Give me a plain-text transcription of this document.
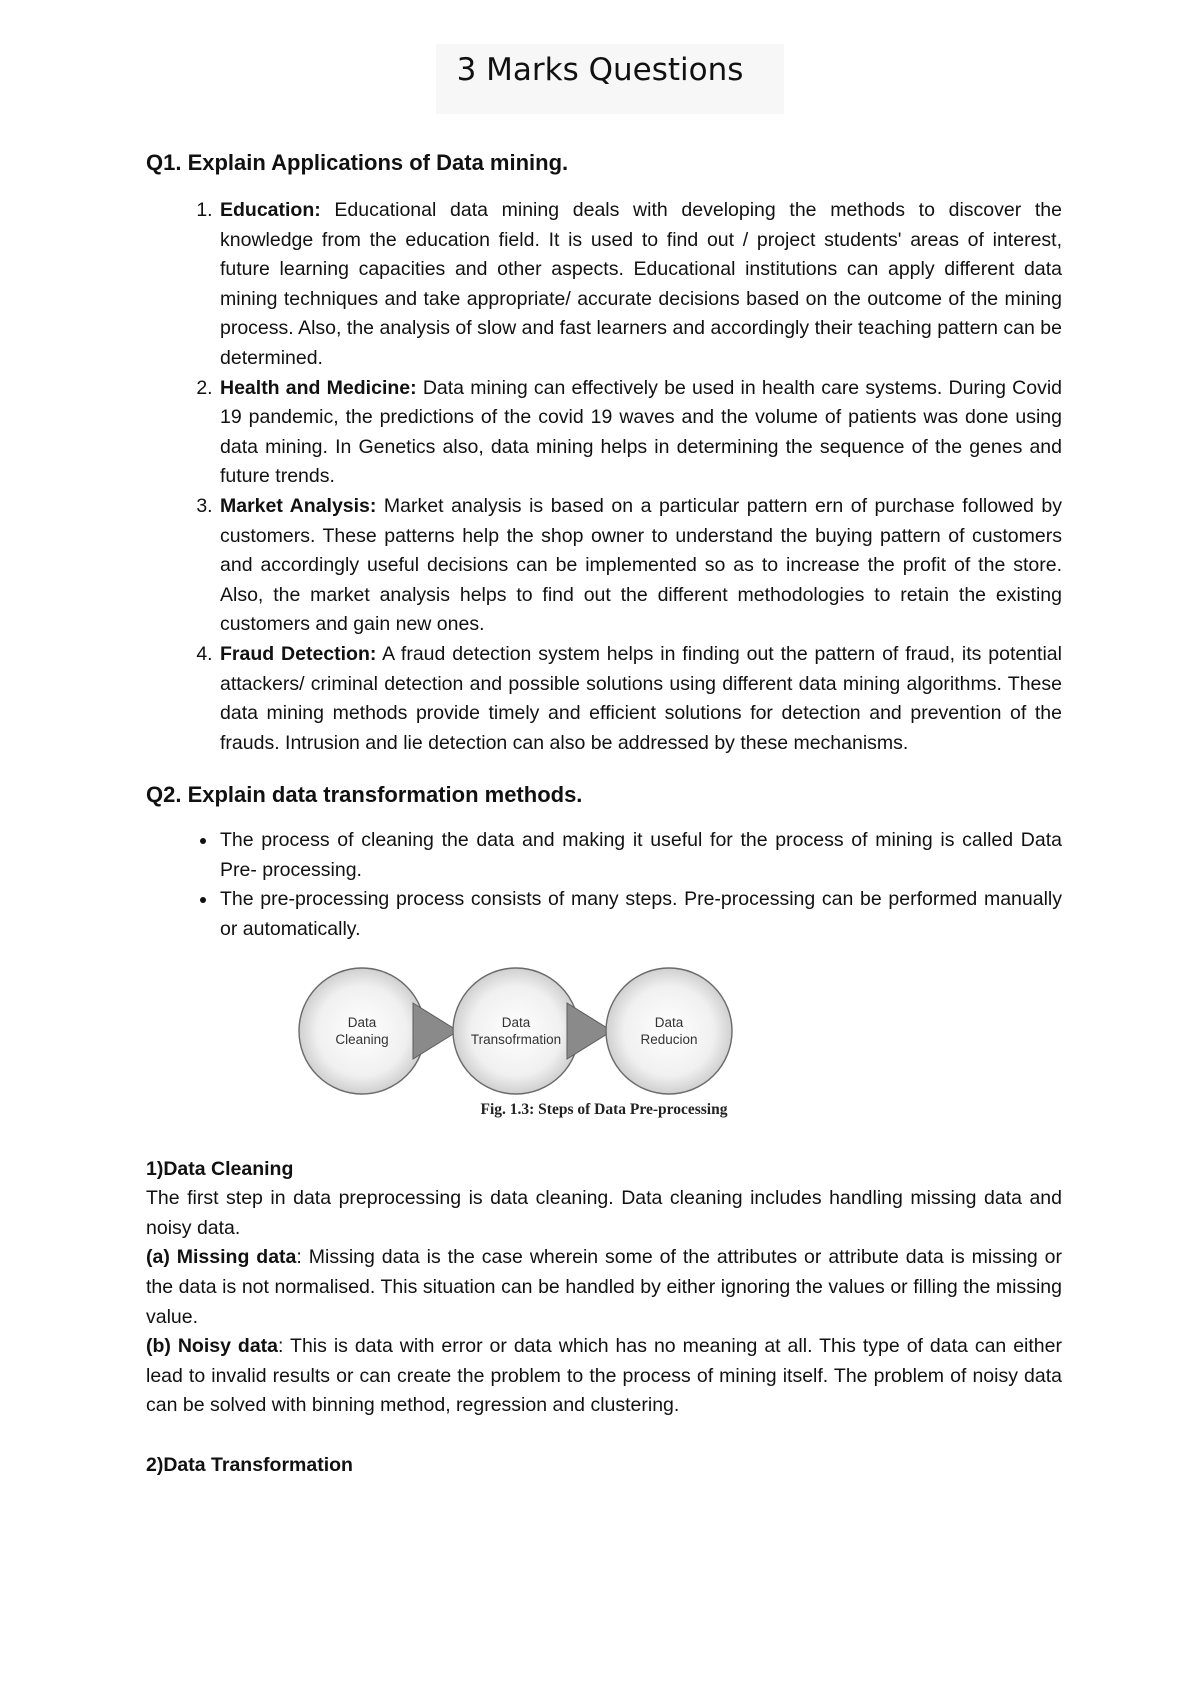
3 Marks Questions
Q1. Explain Applications of Data mining.
1. Education: Educational data mining deals with developing the methods to discover the knowledge from the education field. It is used to find out / project students' areas of interest, future learning capacities and other aspects. Educational institutions can apply different data mining techniques and take appropriate/ accurate decisions based on the outcome of the mining process. Also, the analysis of slow and fast learners and accordingly their teaching pattern can be determined.
2. Health and Medicine: Data mining can effectively be used in health care systems. During Covid 19 pandemic, the predictions of the covid 19 waves and the volume of patients was done using data mining. In Genetics also, data mining helps in determining the sequence of the genes and future trends.
3. Market Analysis: Market analysis is based on a particular pattern ern of purchase followed by customers. These patterns help the shop owner to understand the buying pattern of customers and accordingly useful decisions can be implemented so as to increase the profit of the store. Also, the market analysis helps to find out the different methodologies to retain the existing customers and gain new ones.
4. Fraud Detection: A fraud detection system helps in finding out the pattern of fraud, its potential attackers/ criminal detection and possible solutions using different data mining algorithms. These data mining methods provide timely and efficient solutions for detection and prevention of the frauds. Intrusion and lie detection can also be addressed by these mechanisms.
Q2. Explain data transformation methods.
• The process of cleaning the data and making it useful for the process of mining is called Data Pre- processing.
• The pre-processing process consists of many steps. Pre-processing can be performed manually or automatically.
Data
Cleaning
Data
Transofrmation
Data
Reducion
Fig. 1.3: Steps of Data Pre-processing

1)Data Cleaning

The first step in data preprocessing is data cleaning. Data cleaning includes handling missing data and noisy data.

(a) Missing data: Missing data is the case wherein some of the attributes or attribute data is missing or the data is not normalised. This situation can be handled by either ignoring the values or filling the missing value.

(b) Noisy data: This is data with error or data which has no meaning at all. This type of data can either lead to invalid results or can create the problem to the process of mining itself. The problem of noisy data can be solved with binning method, regression and clustering.

2)Data Transformation
